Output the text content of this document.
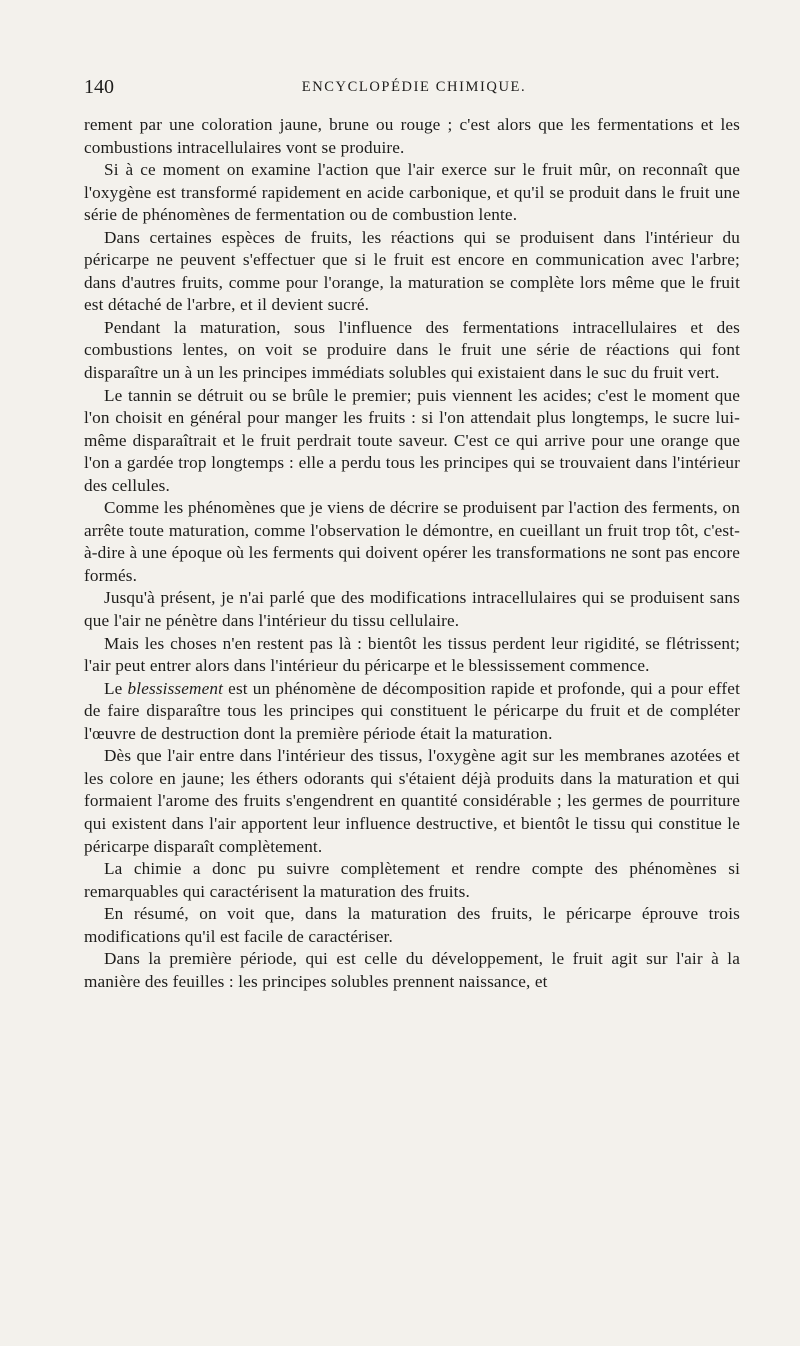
140	ENCYCLOPÉDIE CHIMIQUE.

rement par une coloration jaune, brune ou rouge ; c'est alors que les fermentations et les combustions intracellulaires vont se produire.

Si à ce moment on examine l'action que l'air exerce sur le fruit mûr, on reconnaît que l'oxygène est transformé rapidement en acide carbonique, et qu'il se produit dans le fruit une série de phénomènes de fermentation ou de combustion lente.

Dans certaines espèces de fruits, les réactions qui se produisent dans l'intérieur du péricarpe ne peuvent s'effectuer que si le fruit est encore en communication avec l'arbre; dans d'autres fruits, comme pour l'orange, la maturation se complète lors même que le fruit est détaché de l'arbre, et il devient sucré.

Pendant la maturation, sous l'influence des fermentations intracellulaires et des combustions lentes, on voit se produire dans le fruit une série de réactions qui font disparaître un à un les principes immédiats solubles qui existaient dans le suc du fruit vert.

Le tannin se détruit ou se brûle le premier; puis viennent les acides; c'est le moment que l'on choisit en général pour manger les fruits : si l'on attendait plus longtemps, le sucre lui-même disparaîtrait et le fruit perdrait toute saveur. C'est ce qui arrive pour une orange que l'on a gardée trop longtemps : elle a perdu tous les principes qui se trouvaient dans l'intérieur des cellules.

Comme les phénomènes que je viens de décrire se produisent par l'action des ferments, on arrête toute maturation, comme l'observation le démontre, en cueillant un fruit trop tôt, c'est-à-dire à une époque où les ferments qui doivent opérer les transformations ne sont pas encore formés.

Jusqu'à présent, je n'ai parlé que des modifications intracellulaires qui se produisent sans que l'air ne pénètre dans l'intérieur du tissu cellulaire.

Mais les choses n'en restent pas là : bientôt les tissus perdent leur rigidité, se flétrissent; l'air peut entrer alors dans l'intérieur du péricarpe et le blessissement commence.

Le blessissement est un phénomène de décomposition rapide et profonde, qui a pour effet de faire disparaître tous les principes qui constituent le péricarpe du fruit et de compléter l'œuvre de destruction dont la première période était la maturation.

Dès que l'air entre dans l'intérieur des tissus, l'oxygène agit sur les membranes azotées et les colore en jaune; les éthers odorants qui s'étaient déjà produits dans la maturation et qui formaient l'arome des fruits s'engendrent en quantité considérable ; les germes de pourriture qui existent dans l'air apportent leur influence destructive, et bientôt le tissu qui constitue le péricarpe disparaît complètement.

La chimie a donc pu suivre complètement et rendre compte des phénomènes si remarquables qui caractérisent la maturation des fruits.

En résumé, on voit que, dans la maturation des fruits, le péricarpe éprouve trois modifications qu'il est facile de caractériser.

Dans la première période, qui est celle du développement, le fruit agit sur l'air à la manière des feuilles : les principes solubles prennent naissance, et
